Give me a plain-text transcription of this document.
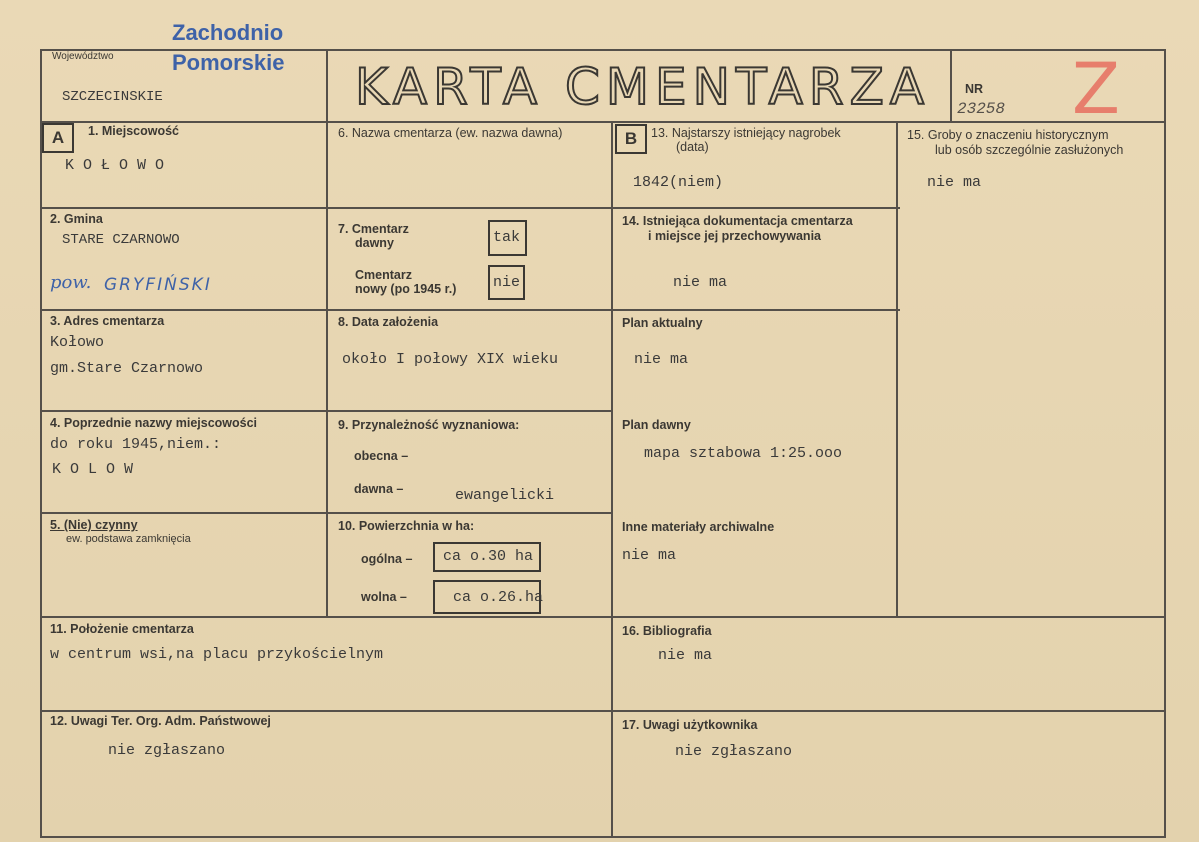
Województwo
Zachodnio
Pomorskie
SZCZECINSKIE	KARTA CMENTARZA	NR
23258 Z
A	B
1. Miejscowość
K O Ł O W O
2. Gmina
STARE CZARNOWO
pow. GRYFIŃSKI
3. Adres cmentarza
Kołowo
gm.Stare Czarnowo
4. Poprzednie nazwy miejscowości
do roku 1945,niem.:
K O L O W
5. (Nie) czynny
ew. podstawa zamknięcia
6. Nazwa cmentarza (ew. nazwa dawna)
7. Cmentarz
dawny	tak
Cmentarz
nowy (po 1945 r.) nie
8. Data założenia
około I połowy XIX wieku
9. Przynależność wyznaniowa:
obecna –
dawna –	ewangelicki
10. Powierzchnia w ha:
ogólna – ca o.30 ha
wolna –	ca o.26.ha
11. Położenie cmentarza
w centrum wsi,na placu przykościelnym
12. Uwagi Ter. Org. Adm. Państwowej
nie zgłaszano
13. Najstarszy istniejący nagrobek
(data)
1842(niem)
14. Istniejąca dokumentacja cmentarza
i miejsce jej przechowywania
nie ma
Plan aktualny
nie ma
Plan dawny
mapa sztabowa 1:25.ooo
Inne materiały archiwalne
nie ma
15. Groby o znaczeniu historycznym
lub osób szczególnie zasłużonych
nie ma
16. Bibliografia
nie ma
17. Uwagi użytkownika
nie zgłaszano
